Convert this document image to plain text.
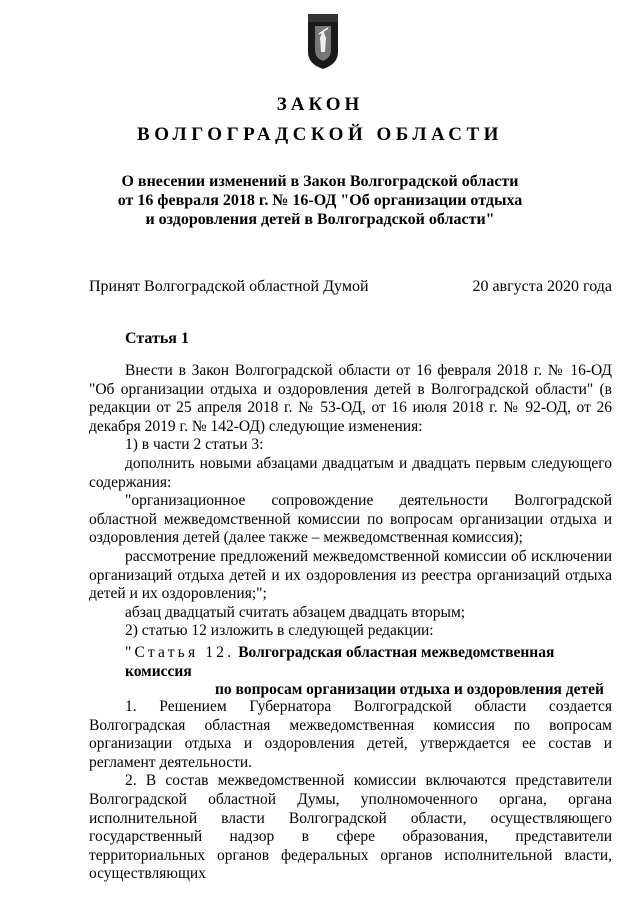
ЗАКОН
ВОЛГОГРАДСКОЙ ОБЛАСТИ
О внесении изменений в Закон Волгоградской области
от 16 февраля 2018 г. № 16-ОД "Об организации отдыха
и оздоровления детей в Волгоградской области"
Принят Волгоградской областной Думой	20 августа 2020 года
Статья 1

Внести в Закон Волгоградской области от 16 февраля 2018 г. № 16-ОД "Об организации отдыха и оздоровления детей в Волгоградской области" (в редакции от 25 апреля 2018 г. № 53-ОД, от 16 июля 2018 г. № 92-ОД, от 26 декабря 2019 г. № 142-ОД) следующие изменения:

1) в части 2 статьи 3:

дополнить новыми абзацами двадцатым и двадцать первым следующего содержания:

"организационное сопровождение деятельности Волгоградской областной межведомственной комиссии по вопросам организации отдыха и оздоровления детей (далее также – межведомственная комиссия);

рассмотрение предложений межведомственной комиссии об исключении организаций отдыха детей и их оздоровления из реестра организаций отдыха детей и их оздоровления;";

абзац двадцатый считать абзацем двадцать вторым;

2) статью 12 изложить в следующей редакции:

"Статья 12. Волгоградская областная межведомственная комиссия
по вопросам организации отдыха и оздоровления детей

1. Решением Губернатора Волгоградской области создается Волгоградская областная межведомственная комиссия по вопросам организации отдыха и оздоровления детей, утверждается ее состав и регламент деятельности.

2. В состав межведомственной комиссии включаются представители Волгоградской областной Думы, уполномоченного органа, органа исполнительной власти Волгоградской области, осуществляющего государственный надзор в сфере образования, представители территориальных органов федеральных органов исполнительной власти, осуществляющих
